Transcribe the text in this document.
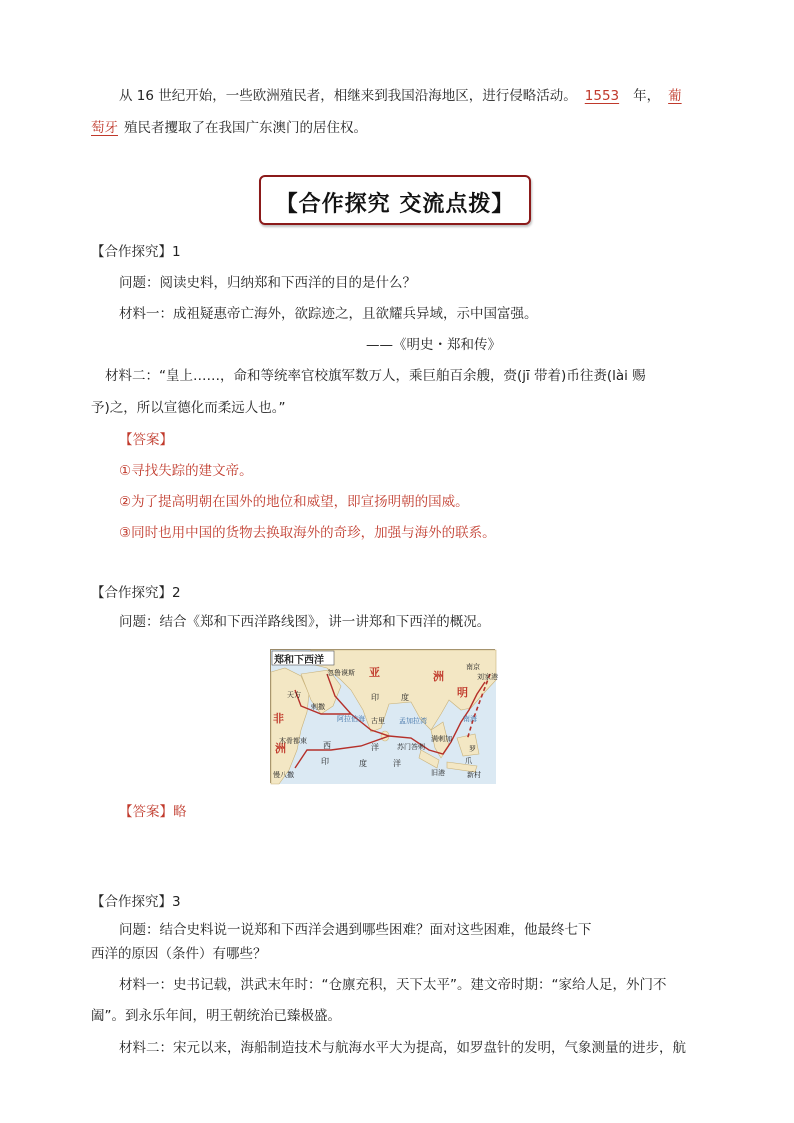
从 16 世纪开始，一些欧洲殖民者，相继来到我国沿海地区，进行侵略活动。 1553 年， 葡
萄牙 殖民者攫取了在我国广东澳门的居住权。
【合作探究 交流点拨】
【合作探究】1
问题：阅读史料，归纳郑和下西洋的目的是什么？
材料一：成祖疑惠帝亡海外，欲踪迹之，且欲耀兵异域，示中国富强。
——《明史・郑和传》
材料二：“皇上……，命和等统率官校旗军数万人，乘巨舶百余艘，赍(jī 带着)币往赉(lài 赐
予)之，所以宣德化而柔远人也。”
【答案】
①寻找失踪的建文帝。
②为了提高明朝在国外的地位和威望，即宣扬明朝的国威。
③同时也用中国的货物去换取海外的奇珍，加强与海外的联系。
【合作探究】2
问题：结合《郑和下西洋路线图》，讲一讲郑和下西洋的概况。
郑和下西洋
亚	洲
明
非
洲
南京
刘家港
忽鲁谟斯
天方	印	度
剌撒
阿拉伯海 古里 孟加拉湾	南海
木骨都束 西	洋	苏门答剌
满剌加
旧港
慢八撒
印	度	洋
新村
罗
爪
【答案】略
【合作探究】3
问题：结合史料说一说郑和下西洋会遇到哪些困难？面对这些困难，他最终七下
西洋的原因（条件）有哪些？
材料一：史书记载，洪武末年时：“仓廪充积，天下太平”。建文帝时期：“家给人足，外门不
阖”。到永乐年间，明王朝统治已臻极盛。
材料二：宋元以来，海船制造技术与航海水平大为提高，如罗盘针的发明，气象测量的进步，航
